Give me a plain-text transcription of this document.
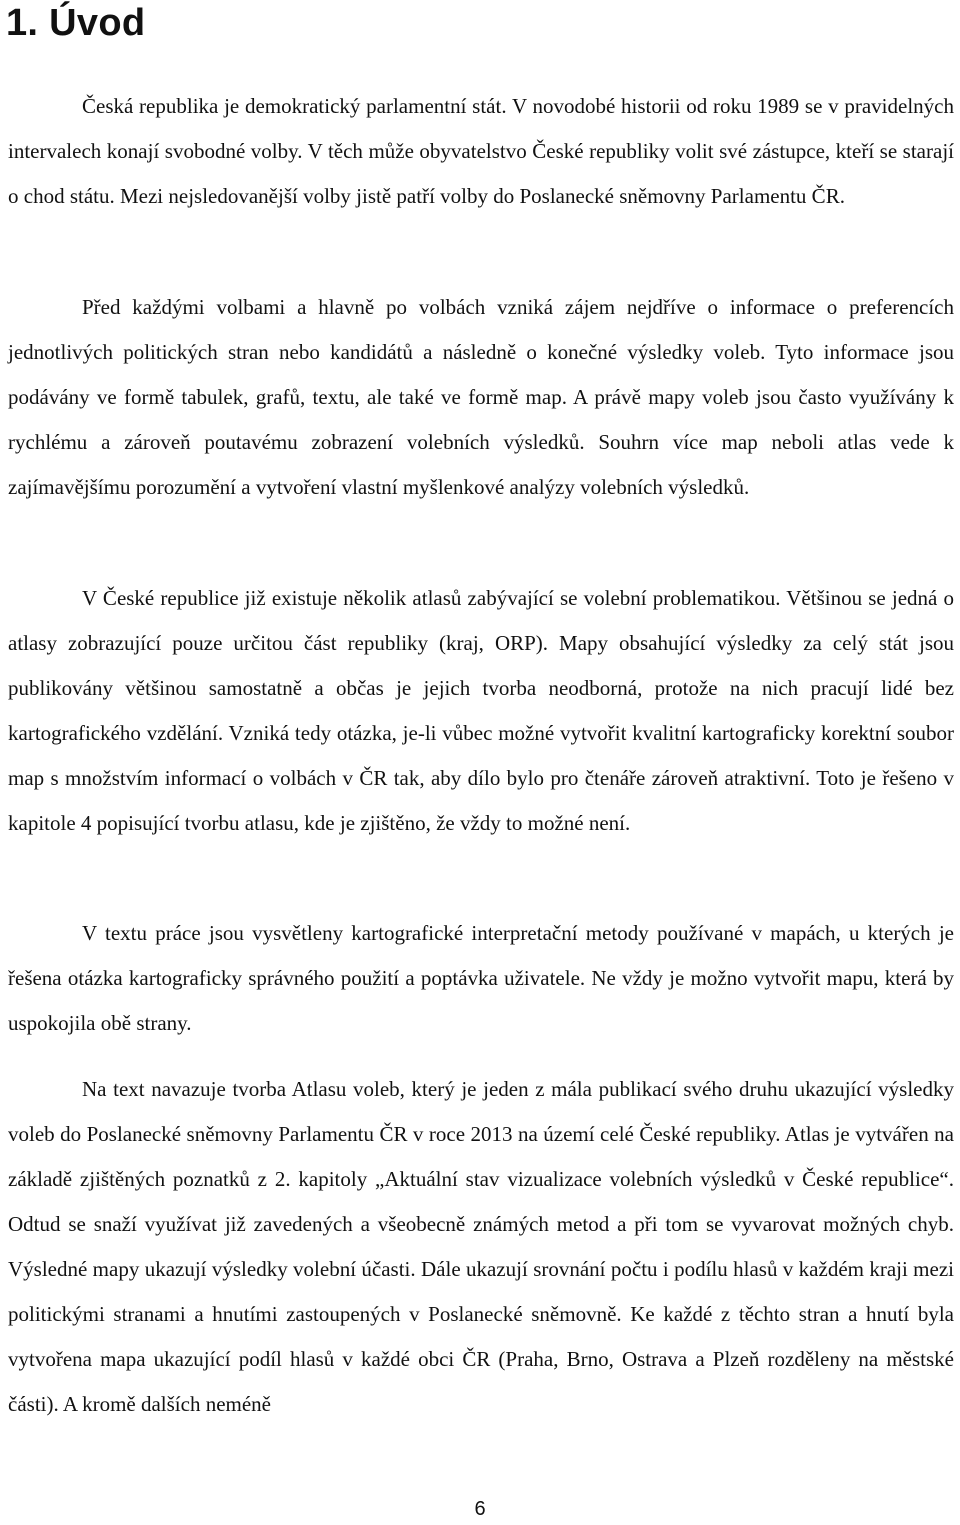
1. Úvod

Česká republika je demokratický parlamentní stát. V novodobé historii od roku 1989 se v pravidelných intervalech konají svobodné volby. V těch může obyvatelstvo České republiky volit své zástupce, kteří se starají o chod státu. Mezi nejsledovanější volby jistě patří volby do Poslanecké sněmovny Parlamentu ČR.

Před každými volbami a hlavně po volbách vzniká zájem nejdříve o informace o preferencích jednotlivých politických stran nebo kandidátů a následně o konečné výsledky voleb. Tyto informace jsou podávány ve formě tabulek, grafů, textu, ale také ve formě map. A právě mapy voleb jsou často využívány k rychlému a zároveň poutavému zobrazení volebních výsledků. Souhrn více map neboli atlas vede k zajímavějšímu porozumění a vytvoření vlastní myšlenkové analýzy volebních výsledků.

V České republice již existuje několik atlasů zabývající se volební problematikou. Většinou se jedná o atlasy zobrazující pouze určitou část republiky (kraj, ORP). Mapy obsahující výsledky za celý stát jsou publikovány většinou samostatně a občas je jejich tvorba neodborná, protože na nich pracují lidé bez kartografického vzdělání. Vzniká tedy otázka, je-li vůbec možné vytvořit kvalitní kartograficky korektní soubor map s množstvím informací o volbách v ČR tak, aby dílo bylo pro čtenáře zároveň atraktivní. Toto je řešeno v kapitole 4 popisující tvorbu atlasu, kde je zjištěno, že vždy to možné není.

V textu práce jsou vysvětleny kartografické interpretační metody používané v mapách, u kterých je řešena otázka kartograficky správného použití a poptávka uživatele. Ne vždy je možno vytvořit mapu, která by uspokojila obě strany.

Na text navazuje tvorba Atlasu voleb, který je jeden z mála publikací svého druhu ukazující výsledky voleb do Poslanecké sněmovny Parlamentu ČR v roce 2013 na území celé České republiky. Atlas je vytvářen na základě zjištěných poznatků z 2. kapitoly „Aktuální stav vizualizace volebních výsledků v České republice“. Odtud se snaží využívat již zavedených a všeobecně známých metod a při tom se vyvarovat možných chyb. Výsledné mapy ukazují výsledky volební účasti. Dále ukazují srovnání počtu i podílu hlasů v každém kraji mezi politickými stranami a hnutími zastoupených v Poslanecké sněmovně. Ke každé z těchto stran a hnutí byla vytvořena mapa ukazující podíl hlasů v každé obci ČR (Praha, Brno, Ostrava a Plzeň rozděleny na městské části). A kromě dalších neméně

6
